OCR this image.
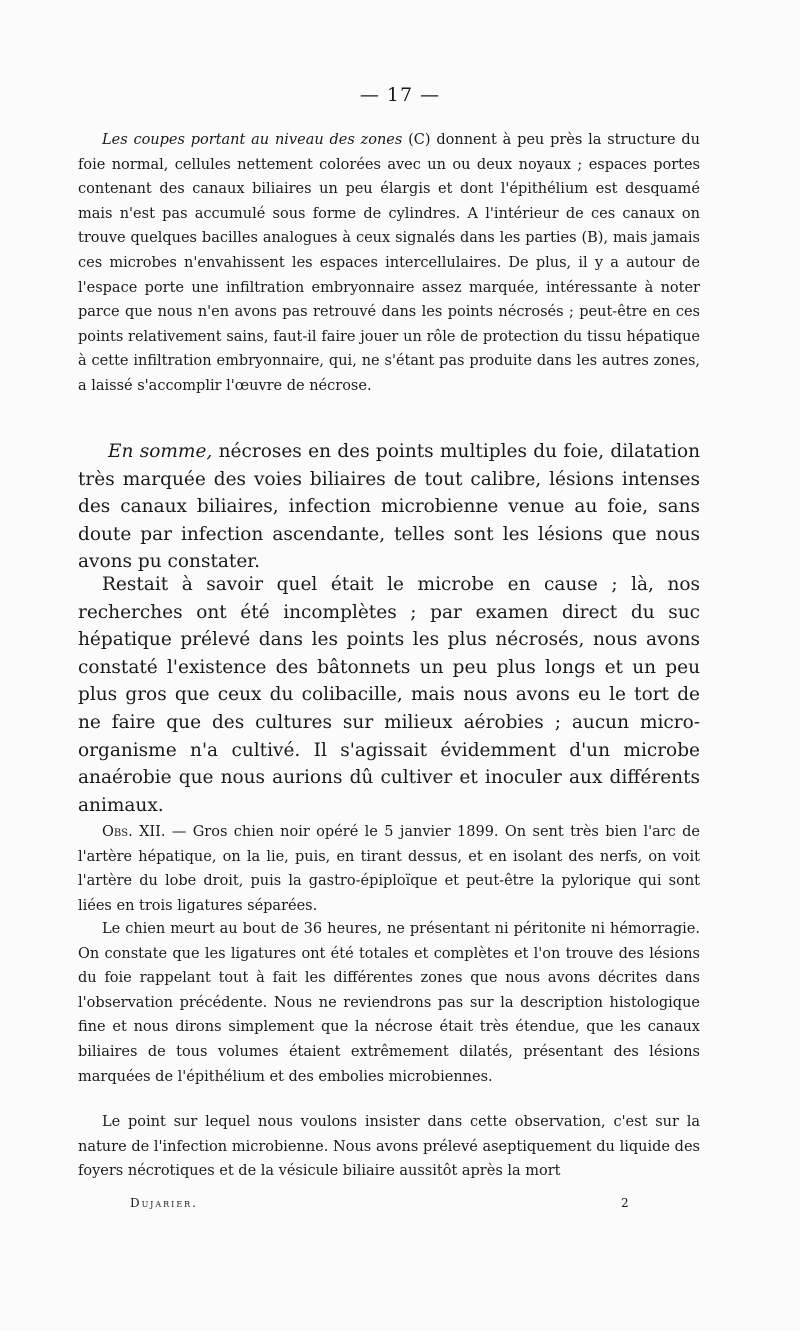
— 17 —

Les coupes portant au niveau des zones (C) donnent à peu près la structure du foie normal, cellules nettement colorées avec un ou deux noyaux ; espaces portes contenant des canaux biliaires un peu élargis et dont l'épithélium est desquamé mais n'est pas accumulé sous forme de cylindres. A l'intérieur de ces canaux on trouve quelques bacilles analogues à ceux signalés dans les parties (B), mais jamais ces microbes n'envahissent les espaces intercellulaires. De plus, il y a autour de l'espace porte une infiltration embryonnaire assez marquée, intéressante à noter parce que nous n'en avons pas retrouvé dans les points nécrosés ; peut-être en ces points relativement sains, faut-il faire jouer un rôle de protection du tissu hépatique à cette infiltration embryonnaire, qui, ne s'étant pas produite dans les autres zones, a laissé s'accomplir l'œuvre de nécrose.

En somme, nécroses en des points multiples du foie, dilatation très marquée des voies biliaires de tout calibre, lésions intenses des canaux biliaires, infection microbienne venue au foie, sans doute par infection ascendante, telles sont les lésions que nous avons pu constater.

Restait à savoir quel était le microbe en cause ; là, nos recherches ont été incomplètes ; par examen direct du suc hépatique prélevé dans les points les plus nécrosés, nous avons constaté l'existence des bâtonnets un peu plus longs et un peu plus gros que ceux du colibacille, mais nous avons eu le tort de ne faire que des cultures sur milieux aérobies ; aucun micro-organisme n'a cultivé. Il s'agissait évidemment d'un microbe anaérobie que nous aurions dû cultiver et inoculer aux différents animaux.

Obs. XII. — Gros chien noir opéré le 5 janvier 1899. On sent très bien l'arc de l'artère hépatique, on la lie, puis, en tirant dessus, et en isolant des nerfs, on voit l'artère du lobe droit, puis la gastro-épiploïque et peut-être la pylorique qui sont liées en trois ligatures séparées.

Le chien meurt au bout de 36 heures, ne présentant ni péritonite ni hémorragie. On constate que les ligatures ont été totales et complètes et l'on trouve des lésions du foie rappelant tout à fait les différentes zones que nous avons décrites dans l'observation précédente. Nous ne reviendrons pas sur la description histologique fine et nous dirons simplement que la nécrose était très étendue, que les canaux biliaires de tous volumes étaient extrêmement dilatés, présentant des lésions marquées de l'épithélium et des embolies microbiennes.

Le point sur lequel nous voulons insister dans cette observation, c'est sur la nature de l'infection microbienne. Nous avons prélevé aseptiquement du liquide des foyers nécrotiques et de la vésicule biliaire aussitôt après la mort

Dujarier.	2
